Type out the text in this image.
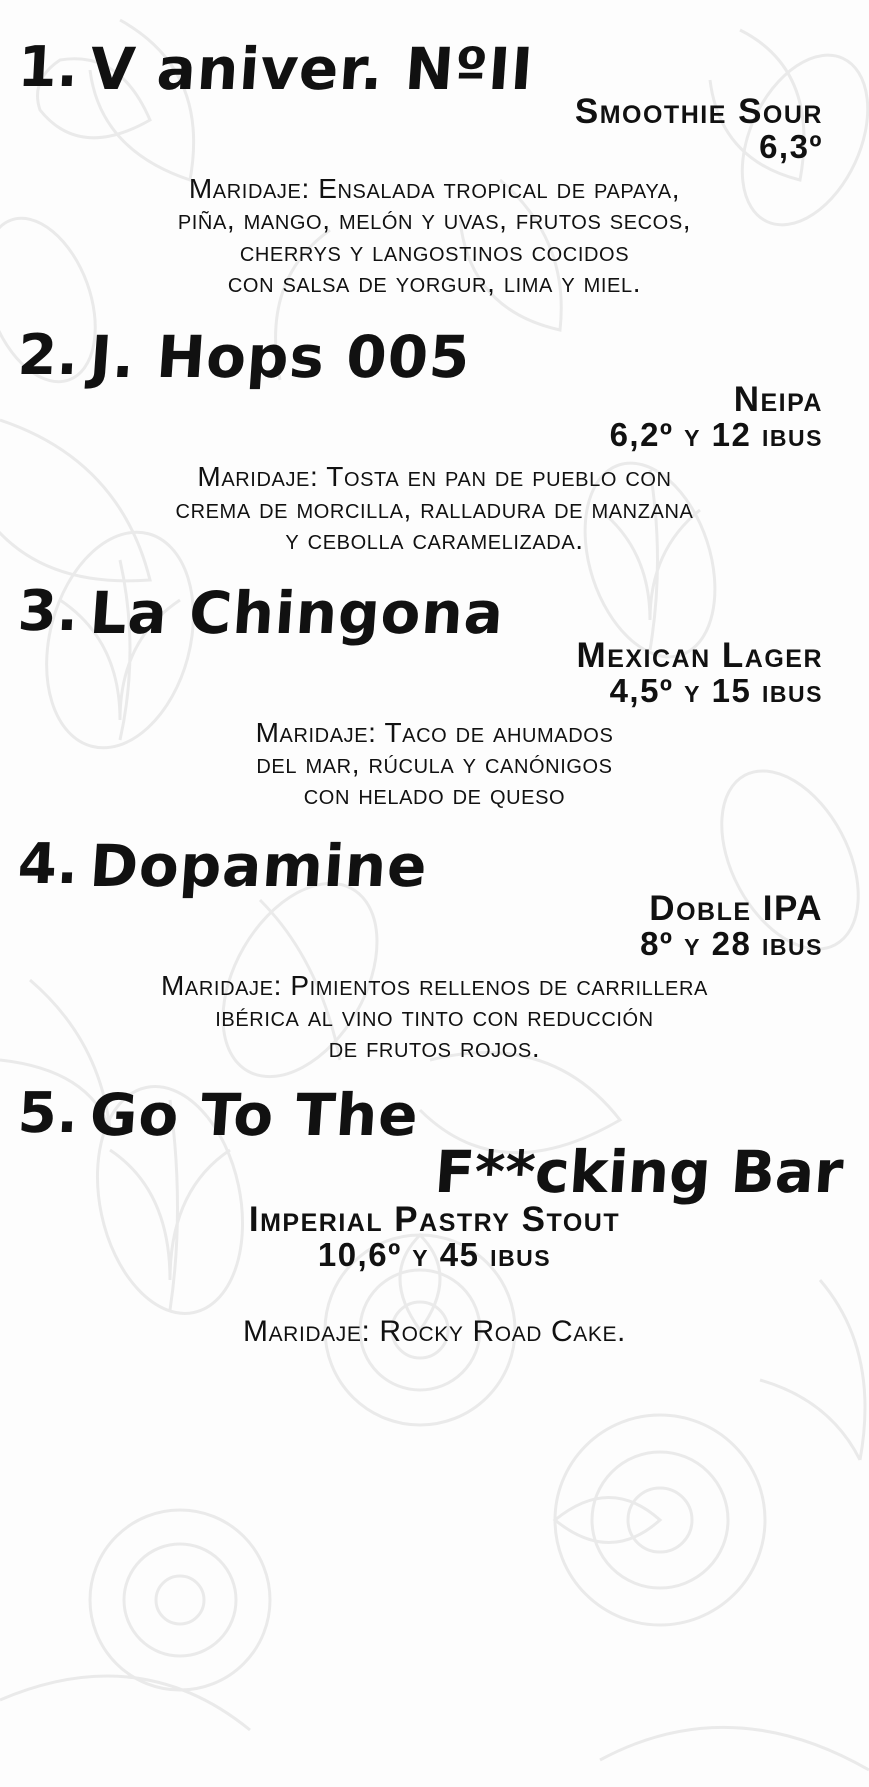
1. V aniver. NºII
Smoothie Sour
6,3º
Maridaje: Ensalada tropical de papaya,
piña, mango, melón y uvas, frutos secos,
cherrys y langostinos cocidos
con salsa de yorgur, lima y miel.
2. J. Hops 005
Neipa
6,2º y 12 ibus
Maridaje: Tosta en pan de pueblo con
crema de morcilla, ralladura de manzana
y cebolla caramelizada.
3. La Chingona
Mexican Lager
4,5º y 15 ibus
Maridaje: Taco de ahumados
del mar, rúcula y canónigos
con helado de queso
4. Dopamine
Doble IPA
8º y 28 ibus
Maridaje: Pimientos rellenos de carrillera
ibérica al vino tinto con reducción
de frutos rojos.
5. Go To The
F**cking Bar
Imperial Pastry Stout
10,6º y 45 ibus
Maridaje: Rocky Road Cake.
